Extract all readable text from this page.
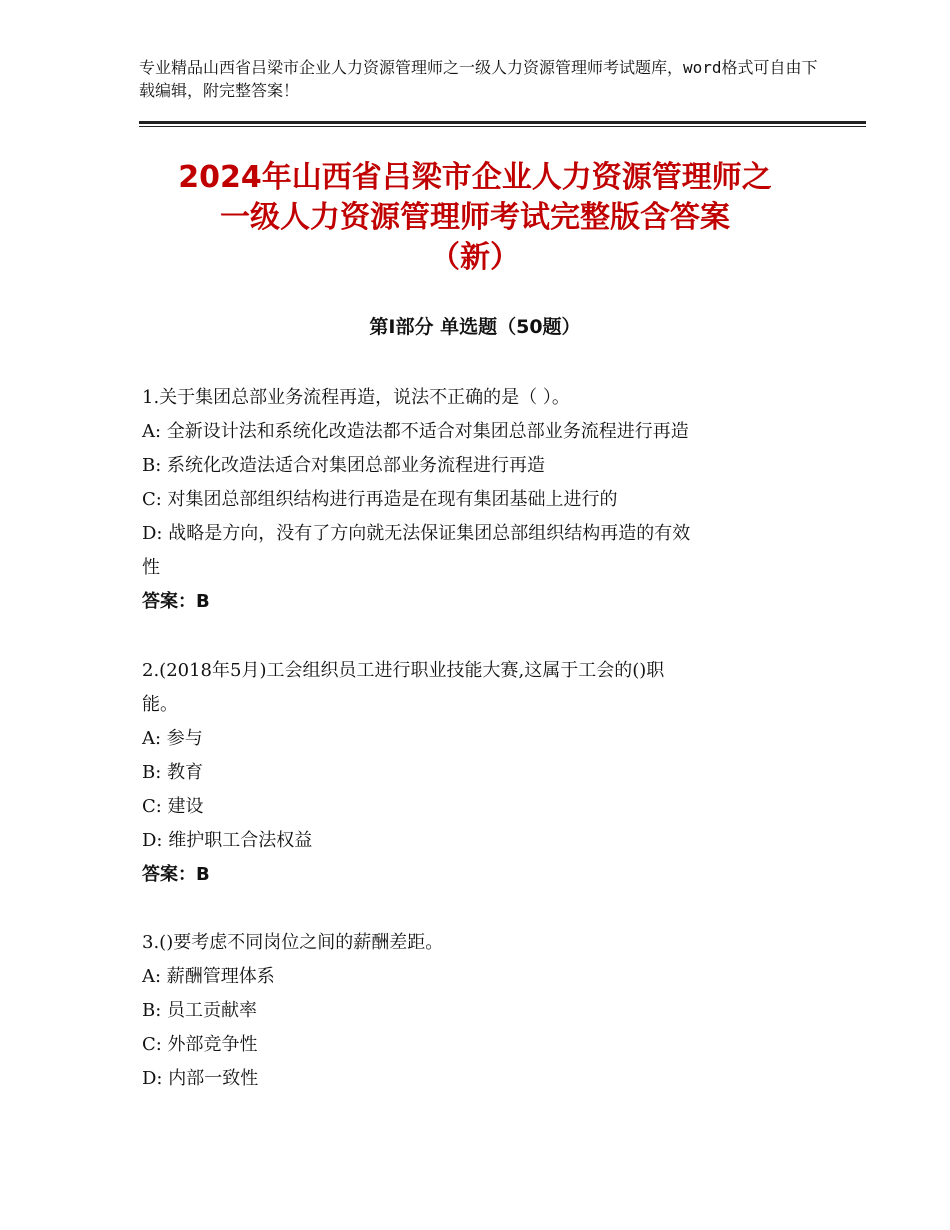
专业精品山西省吕梁市企业人力资源管理师之一级人力资源管理师考试题库，word格式可自由下载编辑，附完整答案！
2024年山西省吕梁市企业人力资源管理师之
一级人力资源管理师考试完整版含答案
（新）
第Ⅰ部分 单选题（50题）
1.关于集团总部业务流程再造，说法不正确的是（ ）。
A: 全新设计法和系统化改造法都不适合对集团总部业务流程进行再造
B: 系统化改造法适合对集团总部业务流程进行再造
C: 对集团总部组织结构进行再造是在现有集团基础上进行的
D: 战略是方向，没有了方向就无法保证集团总部组织结构再造的有效
性
答案：B
2.(2018年5月)工会组织员工进行职业技能大赛,这属于工会的()职
能。
A: 参与
B: 教育
C: 建设
D: 维护职工合法权益
答案：B
3.()要考虑不同岗位之间的薪酬差距。
A: 薪酬管理体系
B: 员工贡献率
C: 外部竞争性
D: 内部一致性
